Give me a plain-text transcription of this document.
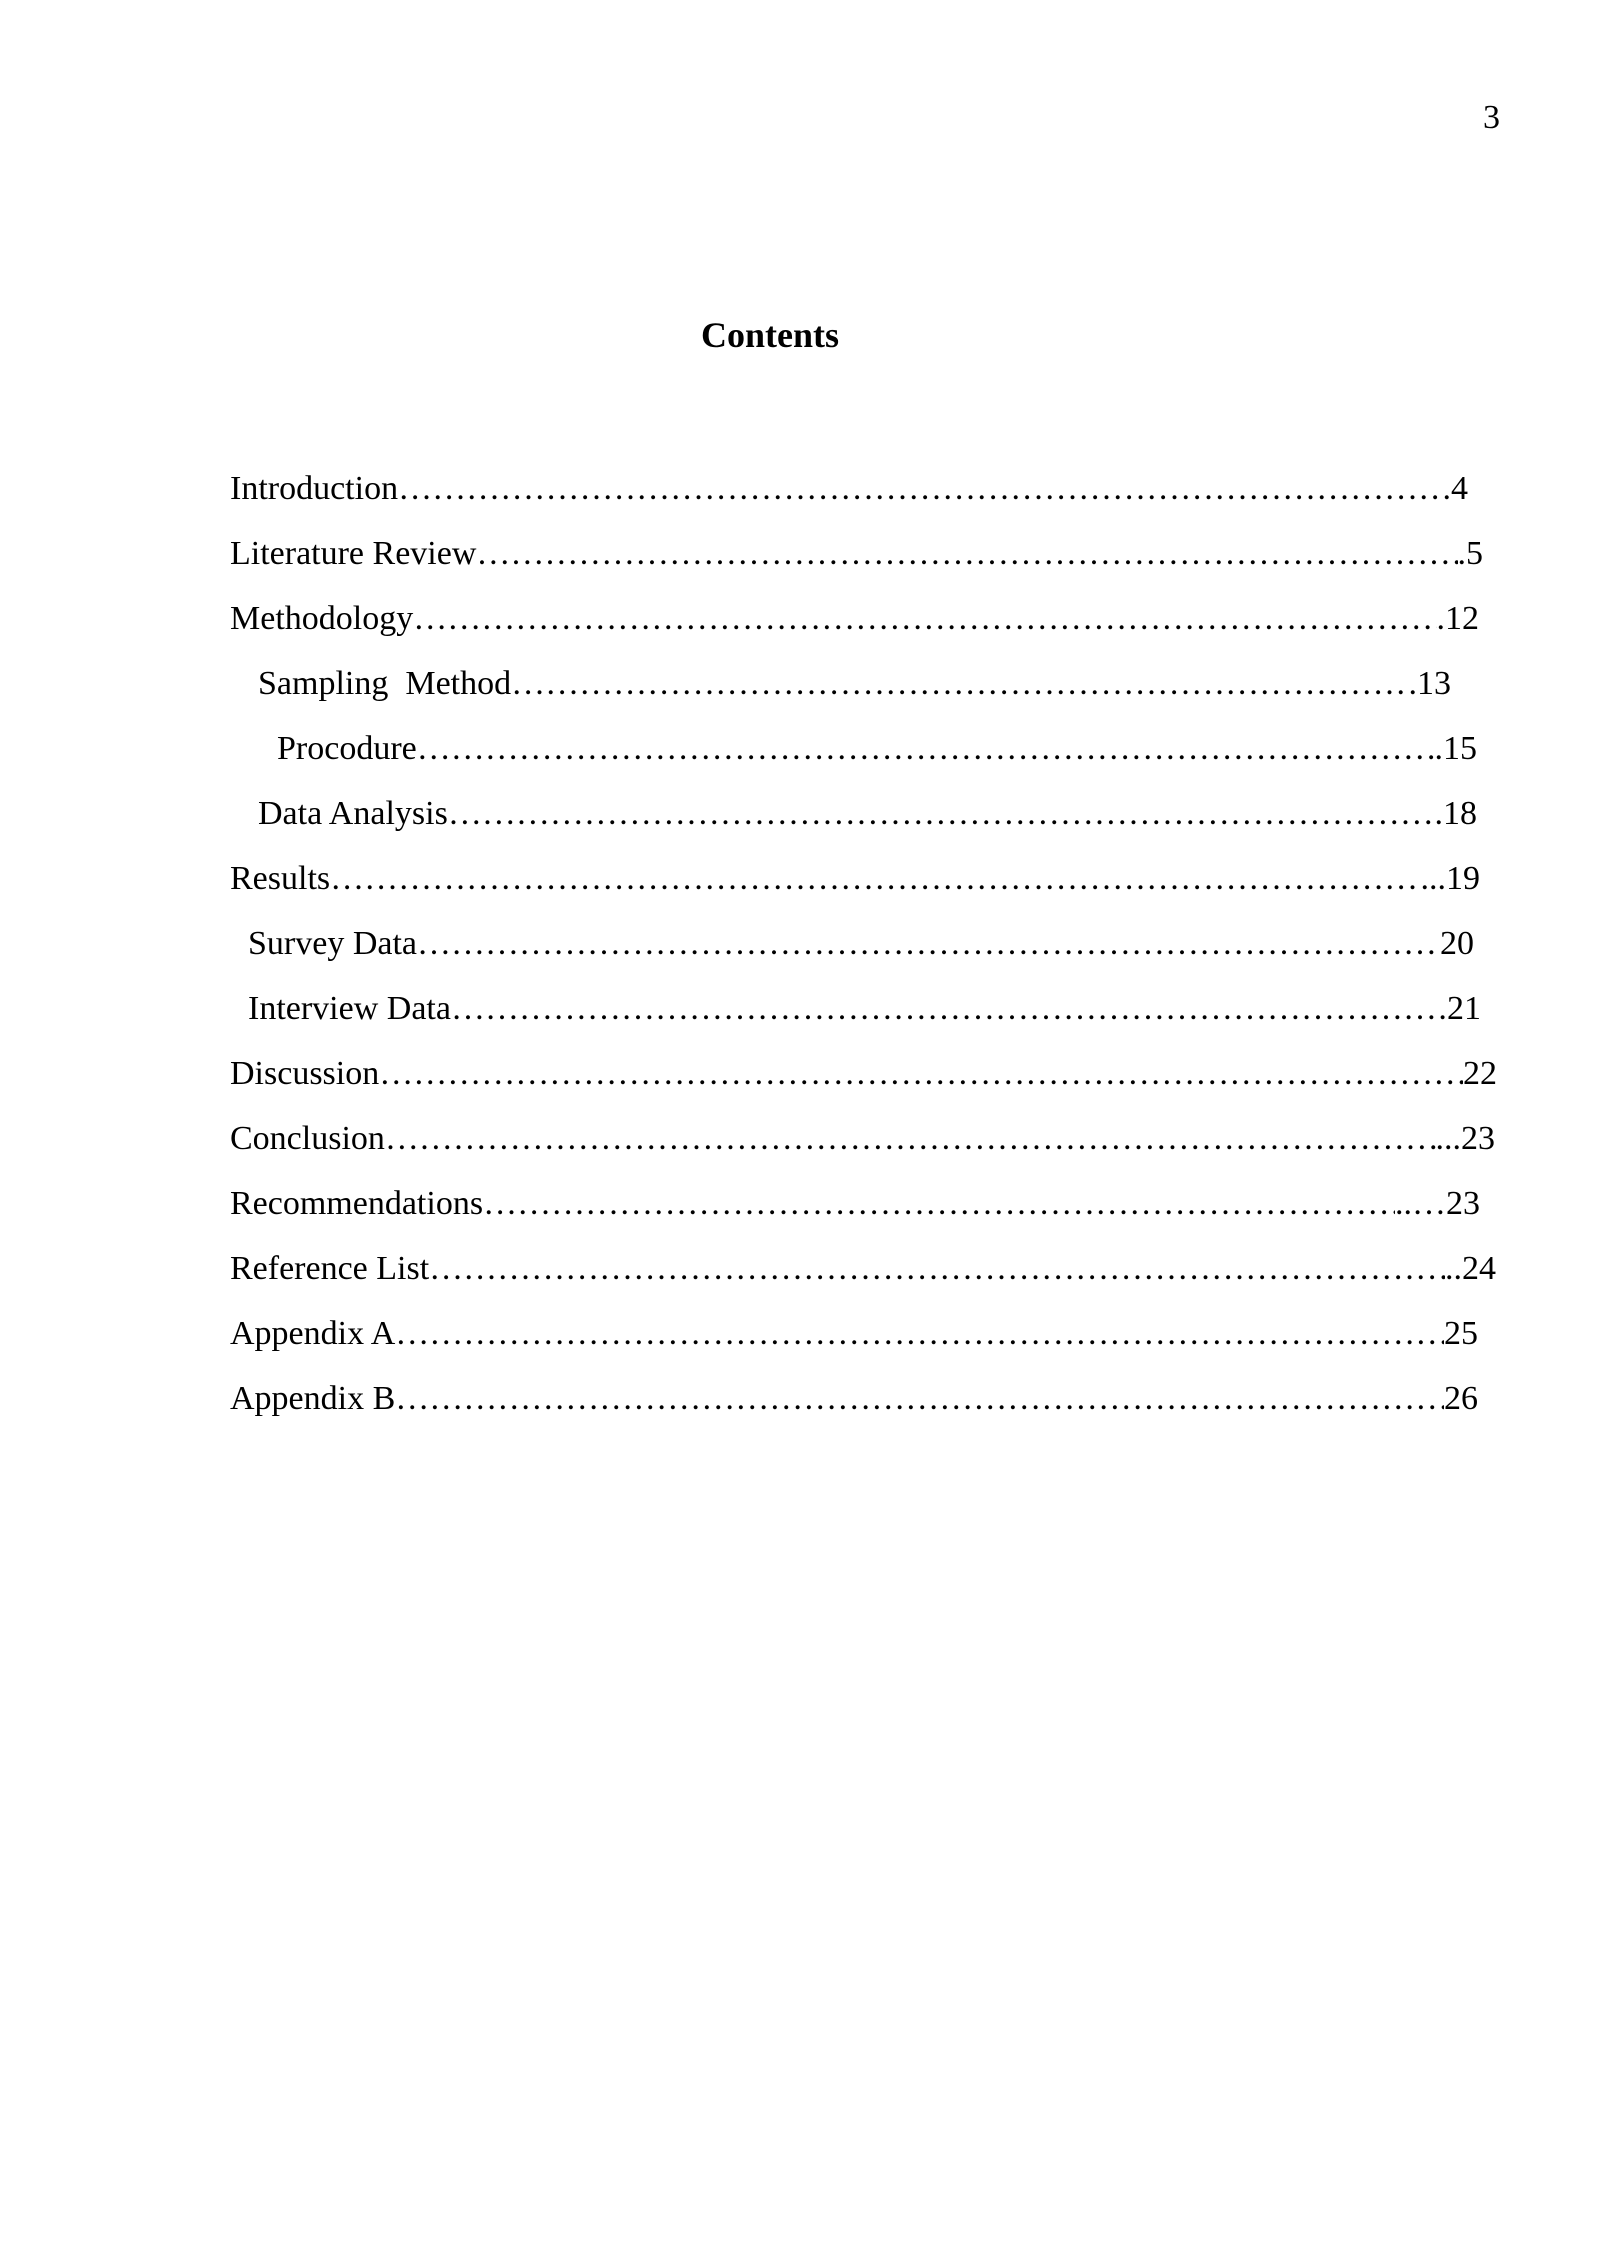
3
Contents
Introduction ……………………………………………………………………………………………………………………………………………………………………………………	.4
Literature Review ……………………………………………………………………………………………………………………………………………………………………………………	.5
Methodology ……………………………………………………………………………………………………………………………………………………………………………………	.12
Sampling  Method ……………………………………………………………………………………………………………………………………………………………………………………	.13
Procodure ……………………………………………………………………………………………………………………………………………………………………………………	.15
Data Analysis ……………………………………………………………………………………………………………………………………………………………………………………	.18
Results ……………………………………………………………………………………………………………………………………………………………………………………	...19
Survey Data ……………………………………………………………………………………………………………………………………………………………………………………	20
Interview Data ……………………………………………………………………………………………………………………………………………………………………………………	21
Discussion ……………………………………………………………………………………………………………………………………………………………………………………	22
Conclusion ……………………………………………………………………………………………………………………………………………………………………………………	...23
Recommendations ……………………………………………………………………………………………………………………………………………………………………………………	..…23
Reference List ……………………………………………………………………………………………………………………………………………………………………………………	..24
Appendix A ……………………………………………………………………………………………………………………………………………………………………………………	25
Appendix B ……………………………………………………………………………………………………………………………………………………………………………………	26
